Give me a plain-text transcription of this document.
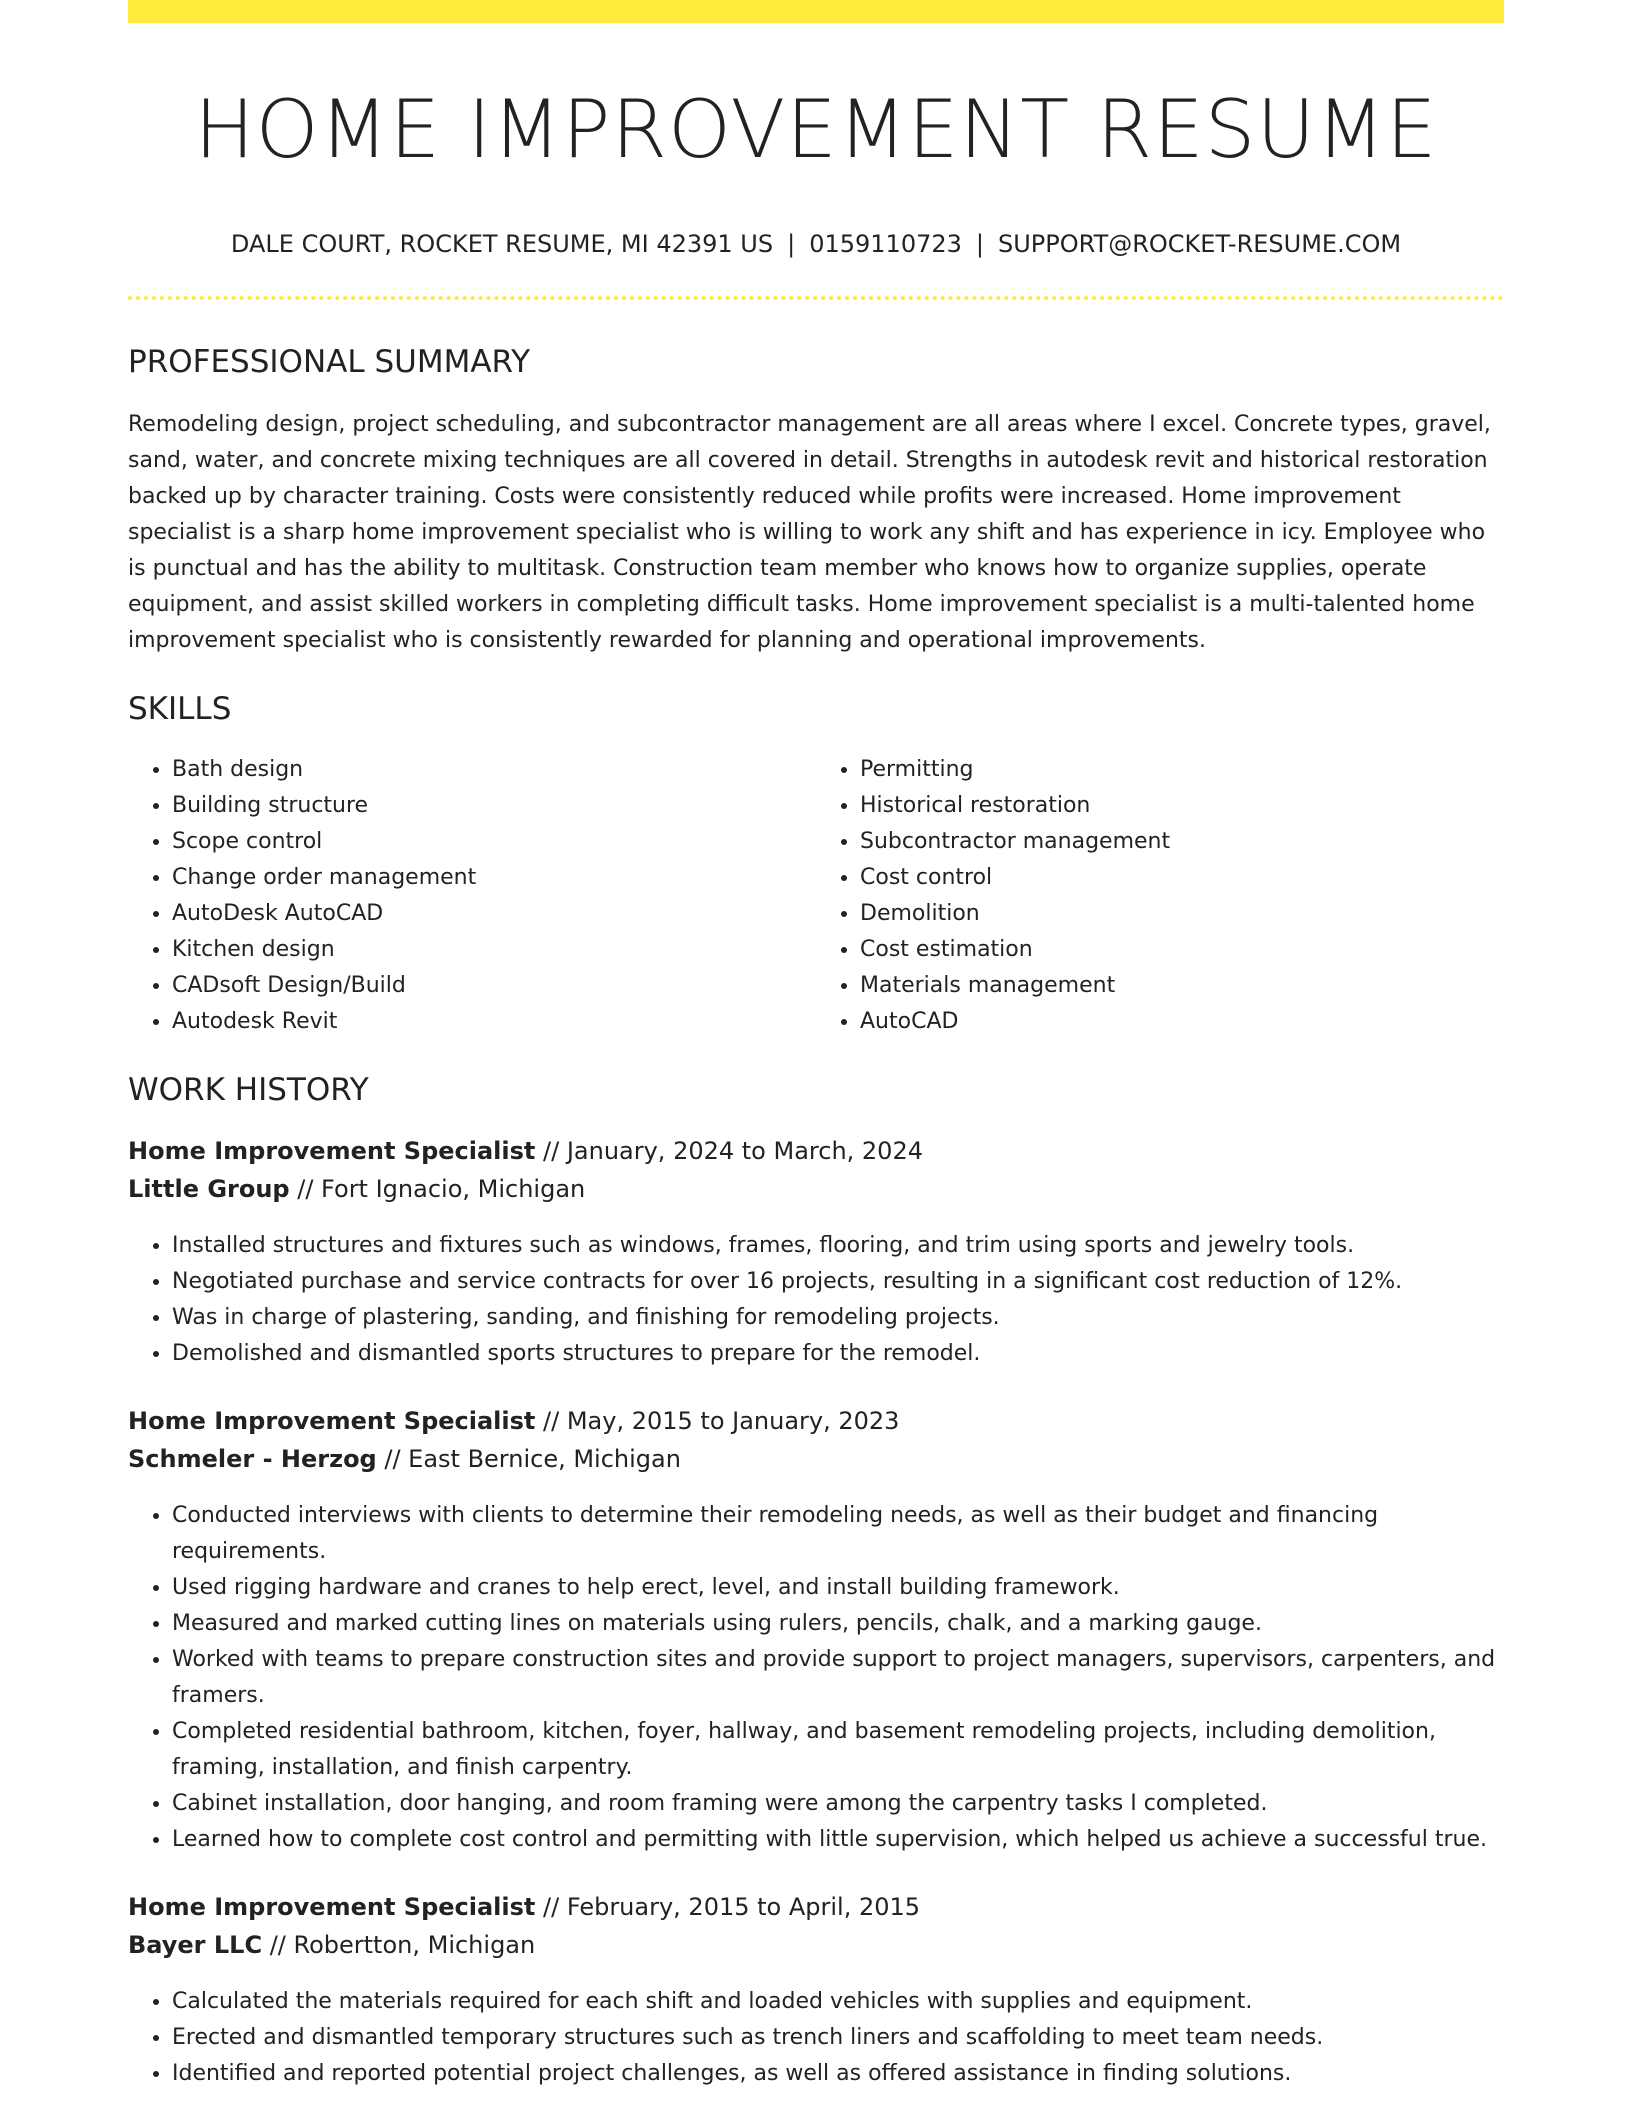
HOME IMPROVEMENT RESUME
DALE COURT, ROCKET RESUME, MI 42391 US | 0159110723 | SUPPORT@ROCKET-RESUME.COM
PROFESSIONAL SUMMARY
Remodeling design, project scheduling, and subcontractor management are all areas where I excel. Concrete types, gravel, sand, water, and concrete mixing techniques are all covered in detail. Strengths in autodesk revit and historical restoration backed up by character training. Costs were consistently reduced while profits were increased. Home improvement specialist is a sharp home improvement specialist who is willing to work any shift and has experience in icy. Employee who is punctual and has the ability to multitask. Construction team member who knows how to organize supplies, operate equipment, and assist skilled workers in completing difficult tasks. Home improvement specialist is a multi-talented home improvement specialist who is consistently rewarded for planning and operational improvements.
SKILLS
• Bath design
• Building structure
• Scope control
• Change order management
• AutoDesk AutoCAD
• Kitchen design
• CADsoft Design/Build
• Autodesk Revit
• Permitting
• Historical restoration
• Subcontractor management
• Cost control
• Demolition
• Cost estimation
• Materials management
• AutoCAD
WORK HISTORY
Home Improvement Specialist // January, 2024 to March, 2024
Little Group // Fort Ignacio, Michigan
• Installed structures and fixtures such as windows, frames, flooring, and trim using sports and jewelry tools.
• Negotiated purchase and service contracts for over 16 projects, resulting in a significant cost reduction of 12%.
• Was in charge of plastering, sanding, and finishing for remodeling projects.
• Demolished and dismantled sports structures to prepare for the remodel.
Home Improvement Specialist // May, 2015 to January, 2023
Schmeler - Herzog // East Bernice, Michigan
• Conducted interviews with clients to determine their remodeling needs, as well as their budget and financing requirements.
• Used rigging hardware and cranes to help erect, level, and install building framework.
• Measured and marked cutting lines on materials using rulers, pencils, chalk, and a marking gauge.
• Worked with teams to prepare construction sites and provide support to project managers, supervisors, carpenters, and framers.
• Completed residential bathroom, kitchen, foyer, hallway, and basement remodeling projects, including demolition, framing, installation, and finish carpentry.
• Cabinet installation, door hanging, and room framing were among the carpentry tasks I completed.
• Learned how to complete cost control and permitting with little supervision, which helped us achieve a successful true.
Home Improvement Specialist // February, 2015 to April, 2015
Bayer LLC // Robertton, Michigan
• Calculated the materials required for each shift and loaded vehicles with supplies and equipment.
• Erected and dismantled temporary structures such as trench liners and scaffolding to meet team needs.
• Identified and reported potential project challenges, as well as offered assistance in finding solutions.
